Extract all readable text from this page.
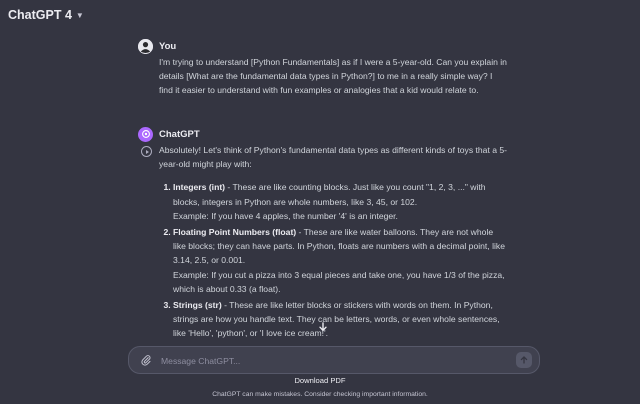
ChatGPT 4 ▼
You
I'm trying to understand [Python Fundamentals] as if I were a 5-year-old. Can you explain in details [What are the fundamental data types in Python?] to me in a really simple way? I find it easier to understand with fun examples or analogies that a kid would relate to.
ChatGPT
Absolutely! Let's think of Python's fundamental data types as different kinds of toys that a 5-year-old might play with:
1. Integers (int) - These are like counting blocks. Just like you count "1, 2, 3, ..." with blocks, integers in Python are whole numbers, like 3, 45, or 102.
Example: If you have 4 apples, the number '4' is an integer.
2. Floating Point Numbers (float) - These are like water balloons. They are not whole like blocks; they can have parts. In Python, floats are numbers with a decimal point, like 3.14, 2.5, or 0.001.
Example: If you cut a pizza into 3 equal pieces and take one, you have 1/3 of the pizza, which is about 0.33 (a float).
3. Strings (str) - These are like letter blocks or stickers with words on them. In Python, strings are how you handle text. They can be letters, words, or even whole sentences, like 'Hello', 'python', or 'I love ice cream!'.
Message ChatGPT...
Download PDF
ChatGPT can make mistakes. Consider checking important information.
